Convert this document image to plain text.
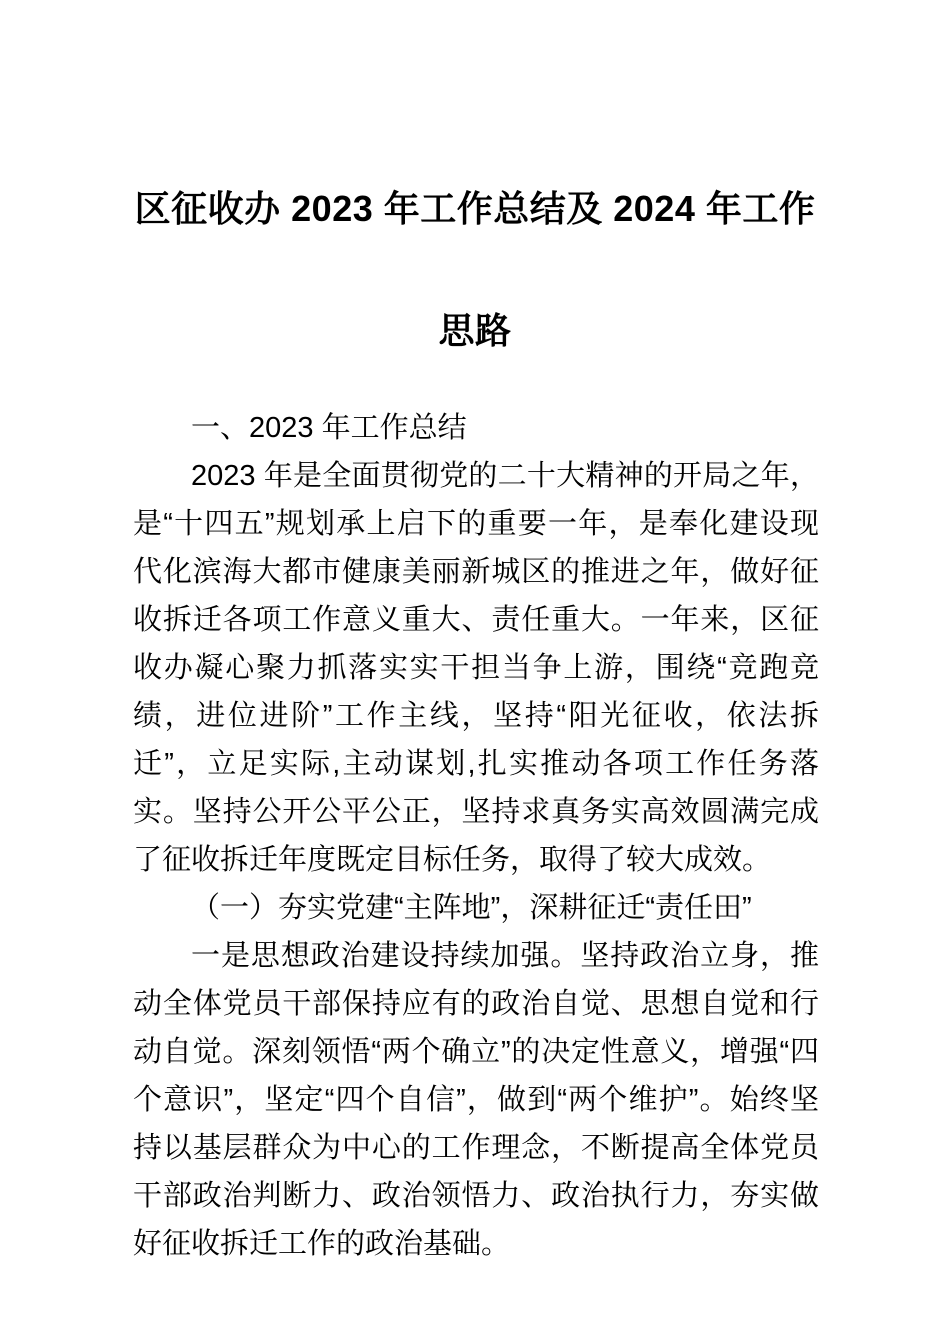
区征收办 2023 年工作总结及 2024 年工作思路

一、2023 年工作总结

2023 年是全面贯彻党的二十大精神的开局之年，是“十四五”规划承上启下的重要一年，是奉化建设现代化滨海大都市健康美丽新城区的推进之年，做好征收拆迁各项工作意义重大、责任重大。一年来，区征收办凝心聚力抓落实实干担当争上游，围绕“竞跑竞绩，进位进阶”工作主线，坚持“阳光征收，依法拆迁”，立足实际,主动谋划,扎实推动各项工作任务落实。坚持公开公平公正，坚持求真务实高效圆满完成了征收拆迁年度既定目标任务，取得了较大成效。

（一）夯实党建“主阵地”，深耕征迁“责任田”

一是思想政治建设持续加强。坚持政治立身，推动全体党员干部保持应有的政治自觉、思想自觉和行动自觉。深刻领悟“两个确立”的决定性意义，增强“四个意识”，坚定“四个自信”，做到“两个维护”。始终坚持以基层群众为中心的工作理念，不断提高全体党员干部政治判断力、政治领悟力、政治执行力，夯实做好征收拆迁工作的政治基础。
